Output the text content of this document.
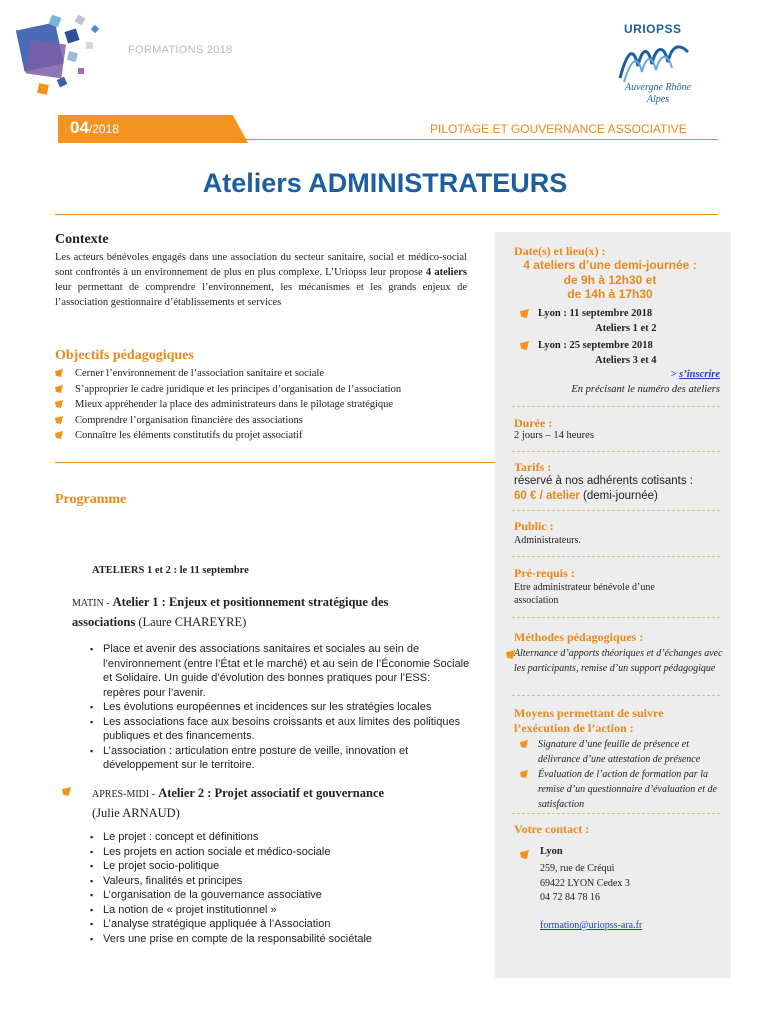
FORMATIONS 2018
URIOPSS
Auvergne Rhône Alpes
04/2018	PILOTAGE ET GOUVERNANCE ASSOCIATIVE
Ateliers ADMINISTRATEURS
Contexte
Les acteurs bénévoles engagés dans une association du secteur sanitaire, social et médico-social sont confrontés à un environnement de plus en plus complexe. L’Uriopss leur propose 4 ateliers leur permettant de comprendre l’environnement, les mécanismes et les grands enjeux de l’association gestionnaire d’établissements et services
Objectifs pédagogiques
Cerner l’environnement de l’association sanitaire et sociale
S’approprier le cadre juridique et les principes d’organisation de l’association
Mieux appréhender la place des administrateurs dans le pilotage stratégique
Comprendre l’organisation financière des associations
Connaître les éléments constitutifs du projet associatif
Programme
ATELIERS 1 et 2 : le 11 septembre
MATIN - Atelier 1 : Enjeux et positionnement stratégique des associations (Laure CHAREYRE)
▪ Place et avenir des associations sanitaires et sociales au sein de l’environnement (entre l’État et le marché) et au sein de l’Économie Sociale et Solidaire. Un guide d’évolution des bonnes pratiques pour l’ESS: repères pour l’avenir.
▪ Les évolutions européennes et incidences sur les stratégies locales
▪ Les associations face aux besoins croissants et aux limites des politiques publiques et des financements.
▪ L’association : articulation entre posture de veille, innovation et développement sur le territoire.
APRES-MIDI - Atelier 2 : Projet associatif et gouvernance
(Julie ARNAUD)
▪ Le projet : concept et définitions
▪ Les projets en action sociale et médico-sociale
▪ Le projet socio-politique
▪ Valeurs, finalités et principes
▪ L’organisation de la gouvernance associative
▪ La notion de « projet institutionnel »
▪ L’analyse stratégique appliquée à l’Association
▪ Vers une prise en compte de la responsabilité sociétale
Date(s) et lieu(x) :
4 ateliers d’une demi-journée :
de 9h à 12h30 et
de 14h à 17h30
Lyon : 11 septembre 2018
Ateliers 1 et 2
Lyon : 25 septembre 2018
Ateliers 3 et 4
> s’inscrire
En précisant le numéro des ateliers
Durée :
2 jours – 14 heures
Tarifs :
réservé à nos adhérents cotisants :
60 € / atelier (demi-journée)
Public :
Administrateurs.
Pré-requis :
Etre administrateur bénévole d’une association
Méthodes pédagogiques :
Alternance d’apports théoriques et d’échanges avec les participants, remise d’un support pédagogique
Moyens permettant de suivre l’exécution de l’action :
Signature d’une feuille de présence et délivrance d’une attestation de présence
Évaluation de l’action de formation par la remise d’un questionnaire d’évaluation et de satisfaction
Votre contact :
Lyon
259, rue de Créqui
69422 LYON Cedex 3
04 72 84 78 16
formation@uriopss-ara.fr
